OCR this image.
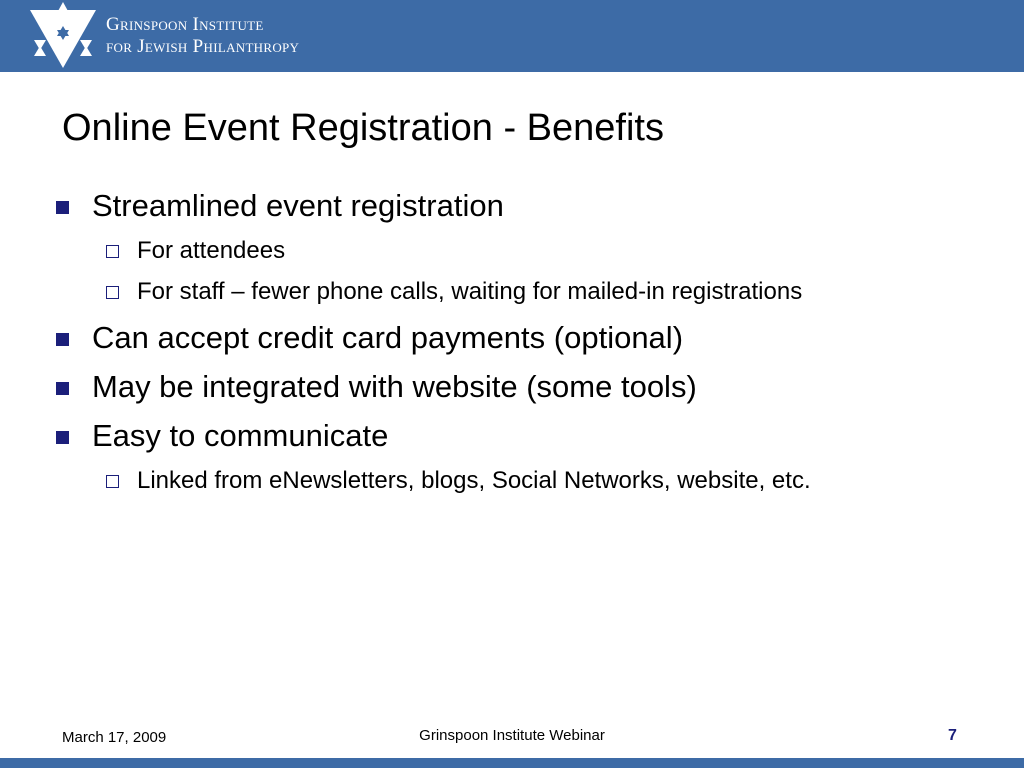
Grinspoon Institute
for Jewish Philanthropy
Online Event Registration - Benefits
Streamlined event registration
For attendees
For staff – fewer phone calls, waiting for mailed-in registrations
Can accept credit card payments (optional)
May be integrated with website (some tools)
Easy to communicate
Linked from eNewsletters, blogs, Social Networks, website, etc.
March 17, 2009	Grinspoon Institute Webinar	7
